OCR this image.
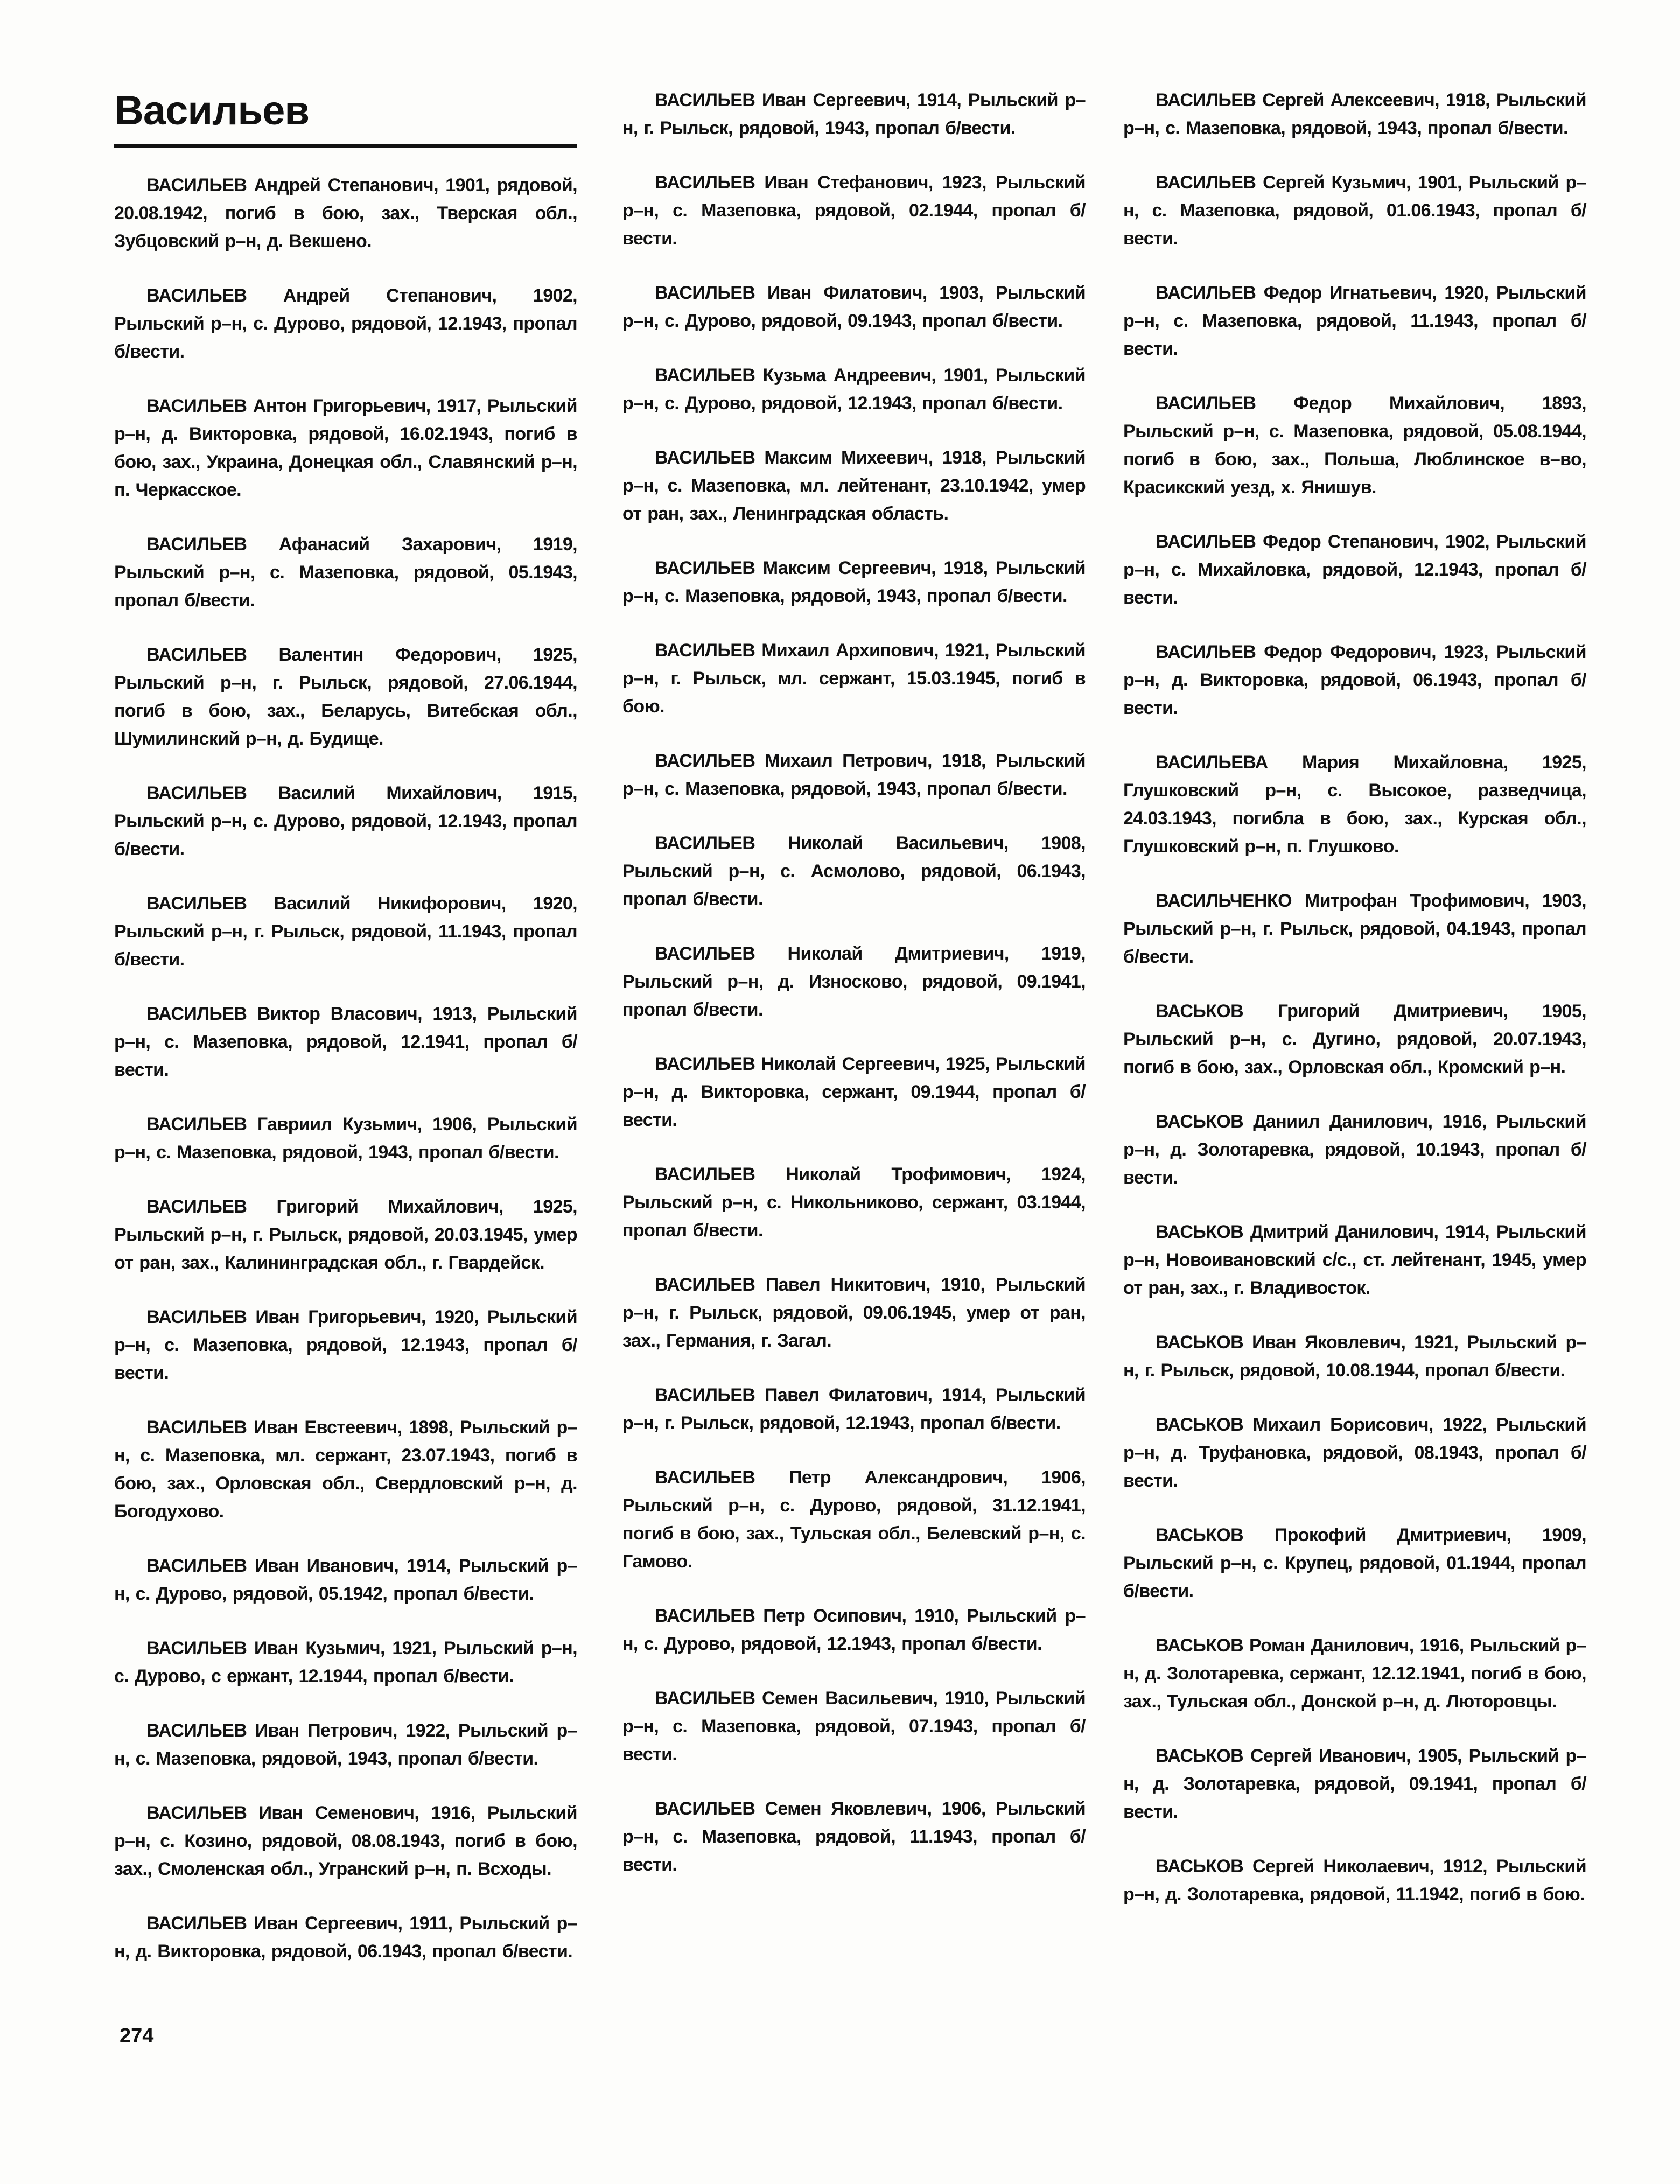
Васильев

ВАСИЛЬЕВ Андрей Степанович, 1901, рядовой, 20.08.1942, погиб в бою, зах., Тверская обл., Зубцовский р–н, д. Векшено.

ВАСИЛЬЕВ Андрей Степанович, 1902, Рыльский р–н, с. Дурово, рядовой, 12.1943, пропал б/вести.

ВАСИЛЬЕВ Антон Григорьевич, 1917, Рыльский р–н, д. Викторовка, рядовой, 16.02.1943, погиб в бою, зах., Украина, Донецкая обл., Славянский р–н, п. Черкасское.

ВАСИЛЬЕВ Афанасий Захарович, 1919, Рыльский р–н, с. Мазеповка, рядовой, 05.1943, пропал б/вести.

ВАСИЛЬЕВ Валентин Федорович, 1925, Рыльский р–н, г. Рыльск, рядовой, 27.06.1944, погиб в бою, зах., Беларусь, Витебская обл., Шумилинский р–н, д. Будище.

ВАСИЛЬЕВ Василий Михайлович, 1915, Рыльский р–н, с. Дурово, рядовой, 12.1943, пропал б/вести.

ВАСИЛЬЕВ Василий Никифорович, 1920, Рыльский р–н, г. Рыльск, рядовой, 11.1943, пропал б/вести.

ВАСИЛЬЕВ Виктор Власович, 1913, Рыльский р–н, с. Мазеповка, рядовой, 12.1941, пропал б/вести.

ВАСИЛЬЕВ Гавриил Кузьмич, 1906, Рыльский р–н, с. Мазеповка, рядовой, 1943, пропал б/вести.

ВАСИЛЬЕВ Григорий Михайлович, 1925, Рыльский р–н, г. Рыльск, рядовой, 20.03.1945, умер от ран, зах., Калининградская обл., г. Гвардейск.

ВАСИЛЬЕВ Иван Григорьевич, 1920, Рыльский р–н, с. Мазеповка, рядовой, 12.1943, пропал б/вести.

ВАСИЛЬЕВ Иван Евстеевич, 1898, Рыльский р–н, с. Мазеповка, мл. сержант, 23.07.1943, погиб в бою, зах., Орловская обл., Свердловский р–н, д. Богодухово.

ВАСИЛЬЕВ Иван Иванович, 1914, Рыльский р–н, с. Дурово, рядовой, 05.1942, пропал б/вести.

ВАСИЛЬЕВ Иван Кузьмич, 1921, Рыльский р–н, с. Дурово, с ержант, 12.1944, пропал б/вести.

ВАСИЛЬЕВ Иван Петрович, 1922, Рыльский р–н, с. Мазеповка, рядовой, 1943, пропал б/вести.

ВАСИЛЬЕВ Иван Семенович, 1916, Рыльский р–н, с. Козино, рядовой, 08.08.1943, погиб в бою, зах., Смоленская обл., Угранский р–н, п. Всходы.

ВАСИЛЬЕВ Иван Сергеевич, 1911, Рыльский р–н, д. Викторовка, рядовой, 06.1943, пропал б/вести.

ВАСИЛЬЕВ Иван Сергеевич, 1914, Рыльский р–н, г. Рыльск, рядовой, 1943, пропал б/вести.

ВАСИЛЬЕВ Иван Стефанович, 1923, Рыльский р–н, с. Мазеповка, рядовой, 02.1944, пропал б/вести.

ВАСИЛЬЕВ Иван Филатович, 1903, Рыльский р–н, с. Дурово, рядовой, 09.1943, пропал б/вести.

ВАСИЛЬЕВ Кузьма Андреевич, 1901, Рыльский р–н, с. Дурово, рядовой, 12.1943, пропал б/вести.

ВАСИЛЬЕВ Максим Михеевич, 1918, Рыльский р–н, с. Мазеповка, мл. лейтенант, 23.10.1942, умер от ран, зах., Ленинградская область.

ВАСИЛЬЕВ Максим Сергеевич, 1918, Рыльский р–н, с. Мазеповка, рядовой, 1943, пропал б/вести.

ВАСИЛЬЕВ Михаил Архипович, 1921, Рыльский р–н, г. Рыльск, мл. сержант, 15.03.1945, погиб в бою.

ВАСИЛЬЕВ Михаил Петрович, 1918, Рыльский р–н, с. Мазеповка, рядовой, 1943, пропал б/вести.

ВАСИЛЬЕВ Николай Васильевич, 1908, Рыльский р–н, с. Асмолово, рядовой, 06.1943, пропал б/вести.

ВАСИЛЬЕВ Николай Дмитриевич, 1919, Рыльский р–н, д. Износково, рядовой, 09.1941, пропал б/вести.

ВАСИЛЬЕВ Николай Сергеевич, 1925, Рыльский р–н, д. Викторовка, сержант, 09.1944, пропал б/вести.

ВАСИЛЬЕВ Николай Трофимович, 1924, Рыльский р–н, с. Никольниково, сержант, 03.1944, пропал б/вести.

ВАСИЛЬЕВ Павел Никитович, 1910, Рыльский р–н, г. Рыльск, рядовой, 09.06.1945, умер от ран, зах., Германия, г. Загал.

ВАСИЛЬЕВ Павел Филатович, 1914, Рыльский р–н, г. Рыльск, рядовой, 12.1943, пропал б/вести.

ВАСИЛЬЕВ Петр Александрович, 1906, Рыльский р–н, с. Дурово, рядовой, 31.12.1941, погиб в бою, зах., Тульская обл., Белевский р–н, с. Гамово.

ВАСИЛЬЕВ Петр Осипович, 1910, Рыльский р–н, с. Дурово, рядовой, 12.1943, пропал б/вести.

ВАСИЛЬЕВ Семен Васильевич, 1910, Рыльский р–н, с. Мазеповка, рядовой, 07.1943, пропал б/вести.

ВАСИЛЬЕВ Семен Яковлевич, 1906, Рыльский р–н, с. Мазеповка, рядовой, 11.1943, пропал б/вести.

ВАСИЛЬЕВ Сергей Алексеевич, 1918, Рыльский р–н, с. Мазеповка, рядовой, 1943, пропал б/вести.

ВАСИЛЬЕВ Сергей Кузьмич, 1901, Рыльский р–н, с. Мазеповка, рядовой, 01.06.1943, пропал б/вести.

ВАСИЛЬЕВ Федор Игнатьевич, 1920, Рыльский р–н, с. Мазеповка, рядовой, 11.1943, пропал б/вести.

ВАСИЛЬЕВ Федор Михайлович, 1893, Рыльский р–н, с. Мазеповка, рядовой, 05.08.1944, погиб в бою, зах., Польша, Люблинское в–во, Красикский уезд, х. Янишув.

ВАСИЛЬЕВ Федор Степанович, 1902, Рыльский р–н, с. Михайловка, рядовой, 12.1943, пропал б/вести.

ВАСИЛЬЕВ Федор Федорович, 1923, Рыльский р–н, д. Викторовка, рядовой, 06.1943, пропал б/вести.

ВАСИЛЬЕВА Мария Михайловна, 1925, Глушковский р–н, с. Высокое, разведчица, 24.03.1943, погибла в бою, зах., Курская обл., Глушковский р–н, п. Глушково.

ВАСИЛЬЧЕНКО Митрофан Трофимович, 1903, Рыльский р–н, г. Рыльск, рядовой, 04.1943, пропал б/вести.

ВАСЬКОВ Григорий Дмитриевич, 1905, Рыльский р–н, с. Дугино, рядовой, 20.07.1943, погиб в бою, зах., Орловская обл., Кромский р–н.

ВАСЬКОВ Даниил Данилович, 1916, Рыльский р–н, д. Золотаревка, рядовой, 10.1943, пропал б/вести.

ВАСЬКОВ Дмитрий Данилович, 1914, Рыльский р–н, Новоивановский с/с., ст. лейтенант, 1945, умер от ран, зах., г. Владивосток.

ВАСЬКОВ Иван Яковлевич, 1921, Рыльский р–н, г. Рыльск, рядовой, 10.08.1944, пропал б/вести.

ВАСЬКОВ Михаил Борисович, 1922, Рыльский р–н, д. Труфановка, рядовой, 08.1943, пропал б/вести.

ВАСЬКОВ Прокофий Дмитриевич, 1909, Рыльский р–н, с. Крупец, рядовой, 01.1944, пропал б/вести.

ВАСЬКОВ Роман Данилович, 1916, Рыльский р–н, д. Золотаревка, сержант, 12.12.1941, погиб в бою, зах., Тульская обл., Донской р–н, д. Люторовцы.

ВАСЬКОВ Сергей Иванович, 1905, Рыльский р–н, д. Золотаревка, рядовой, 09.1941, пропал б/вести.

ВАСЬКОВ Сергей Николаевич, 1912, Рыльский р–н, д. Золотаревка, рядовой, 11.1942, погиб в бою.

274
